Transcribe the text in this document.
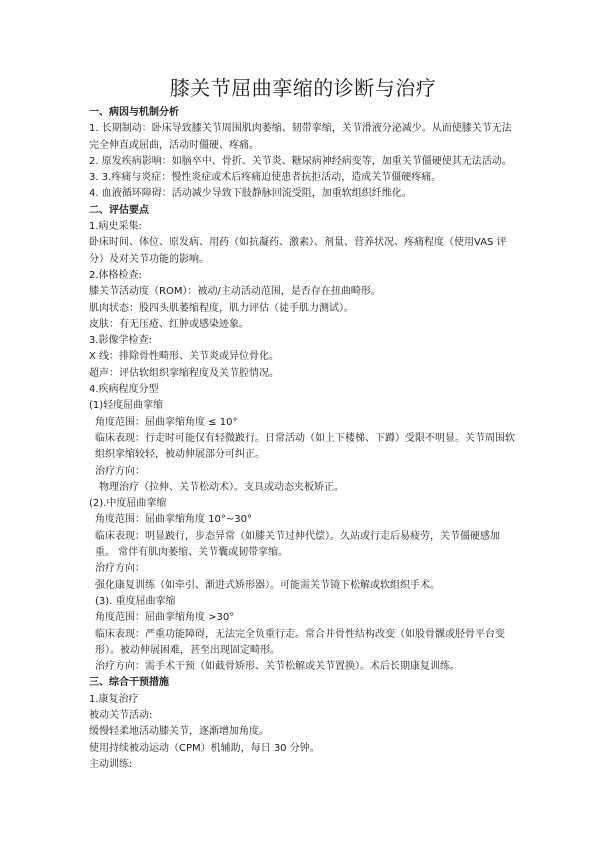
膝关节屈曲挛缩的诊断与治疗

一、病因与机制分析

1. 长期制动：卧床导致膝关节周围肌肉萎缩、韧带挛缩，关节滑液分泌减少。从而使膝关节无法完全伸直或屈曲，活动时僵硬、疼痛。

2. 原发疾病影响：如脑卒中、骨折、关节炎、糖尿病神经病变等，加重关节僵硬使其无法活动。

3. 3.疼痛与炎症：慢性炎症或术后疼痛迫使患者抗拒活动，造成关节僵硬疼痛。

4. 血液循环障碍：活动减少导致下肢静脉回流受阻，加重软组织纤维化。

二、评估要点

1.病史采集:

卧床时间、体位、原发病、用药（如抗凝药、激素）、剂量、营养状况、疼痛程度（使用VAS 评分）及对关节功能的影响。

2.体格检查:

膝关节活动度（ROM）：被动/主动活动范围，是否存在扭曲畸形。

肌肉状态：股四头肌萎缩程度，肌力评估（徒手肌力测试）。

皮肤：有无压疮、红肿或感染迹象。

3.影像学检查:

X 线：排除骨性畸形、关节炎或异位骨化。

超声：评估软组织挛缩程度及关节腔情况。

4.疾病程度分型

(1)轻度屈曲挛缩

角度范围：屈曲挛缩角度 ≤ 10°

临床表现：行走时可能仅有轻微跛行。日常活动（如上下楼梯、下蹲）受限不明显。关节周围软组织挛缩较轻，被动伸展部分可纠正。

治疗方向：

物理治疗（拉伸、关节松动术）。支具或动态夹板矫正。

(2).中度屈曲挛缩

角度范围：屈曲挛缩角度 10°~30°

临床表现：明显跛行，步态异常（如膝关节过伸代偿）。久站或行走后易疲劳，关节僵硬感加重。 常伴有肌肉萎缩、关节囊或韧带挛缩。

治疗方向：

强化康复训练（如牵引、渐进式矫形器）。可能需关节镜下松解或软组织手术。

(3). 重度屈曲挛缩

角度范围：屈曲挛缩角度 >30°

临床表现：严重功能障碍，无法完全负重行走。常合并骨性结构改变（如股骨髁或胫骨平台变形）。被动伸展困难，甚至出现固定畸形。

治疗方向：需手术干预（如截骨矫形、关节松解或关节置换）。术后长期康复训练。

三、综合干预措施

1.康复治疗

被动关节活动:

缓慢轻柔地活动膝关节，逐渐增加角度。

使用持续被动运动（CPM）机辅助，每日 30 分钟。

主动训练:
